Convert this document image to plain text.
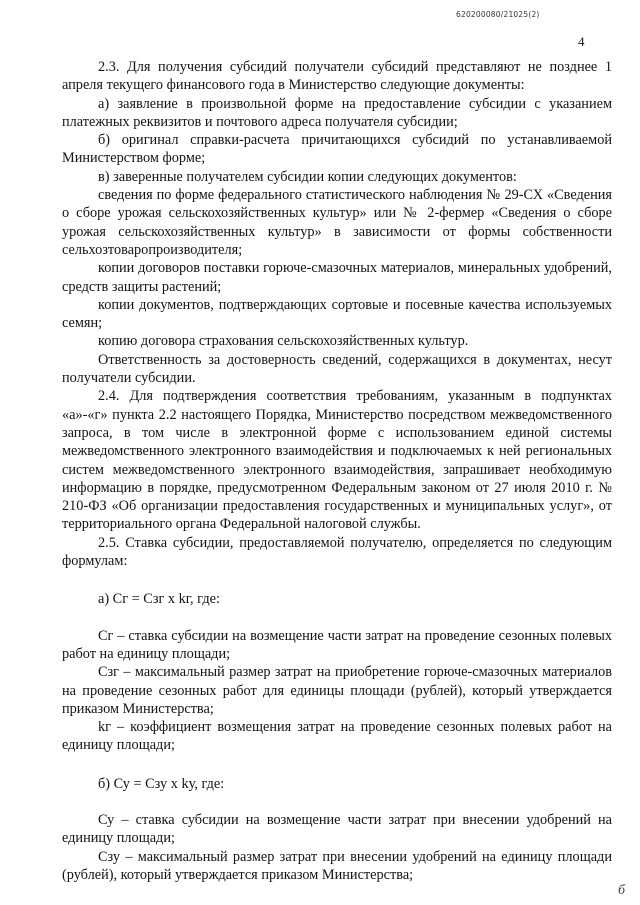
620200080/21025(2)
4

2.3. Для получения субсидий получатели субсидий представляют не позднее 1 апреля текущего финансового года в Министерство следующие документы:

а) заявление в произвольной форме на предоставление субсидии с указанием платежных реквизитов и почтового адреса получателя субсидии;

б) оригинал справки-расчета причитающихся субсидий по устанавливаемой Министерством форме;

в) заверенные получателем субсидии копии следующих документов:

сведения по форме федерального статистического наблюдения № 29-СХ «Сведения о сборе урожая сельскохозяйственных культур» или № 2-фермер «Сведения о сборе урожая сельскохозяйственных культур» в зависимости от формы собственности сельхозтоваропроизводителя;

копии договоров поставки горюче-смазочных материалов, минеральных удобрений, средств защиты растений;

копии документов, подтверждающих сортовые и посевные качества используемых семян;

копию договора страхования сельскохозяйственных культур.

Ответственность за достоверность сведений, содержащихся в документах, несут получатели субсидии.

2.4. Для подтверждения соответствия требованиям, указанным в подпунктах «а»-«г» пункта 2.2 настоящего Порядка, Министерство посредством межведомственного запроса, в том числе в электронной форме с использованием единой системы межведомственного электронного взаимодействия и подключаемых к ней региональных систем межведомственного электронного взаимодействия, запрашивает необходимую информацию в порядке, предусмотренном Федеральным законом от 27 июля 2010 г. № 210-ФЗ «Об организации предоставления государственных и муниципальных услуг», от территориального органа Федеральной налоговой службы.

2.5. Ставка субсидии, предоставляемой получателю, определяется по следующим формулам:

а) Сг = Сзг х kг, где:

Сг – ставка субсидии на возмещение части затрат на проведение сезонных полевых работ на единицу площади;

Сзг – максимальный размер затрат на приобретение горюче-смазочных материалов на проведение сезонных работ для единицы площади (рублей), который утверждается приказом Министерства;

kг – коэффициент возмещения затрат на проведение сезонных полевых работ на единицу площади;

б) Су = Сзу х kу, где:

Су – ставка субсидии на возмещение части затрат при внесении удобрений на единицу площади;

Сзу – максимальный размер затрат при внесении удобрений на единицу площади (рублей), который утверждается приказом Министерства;

б
